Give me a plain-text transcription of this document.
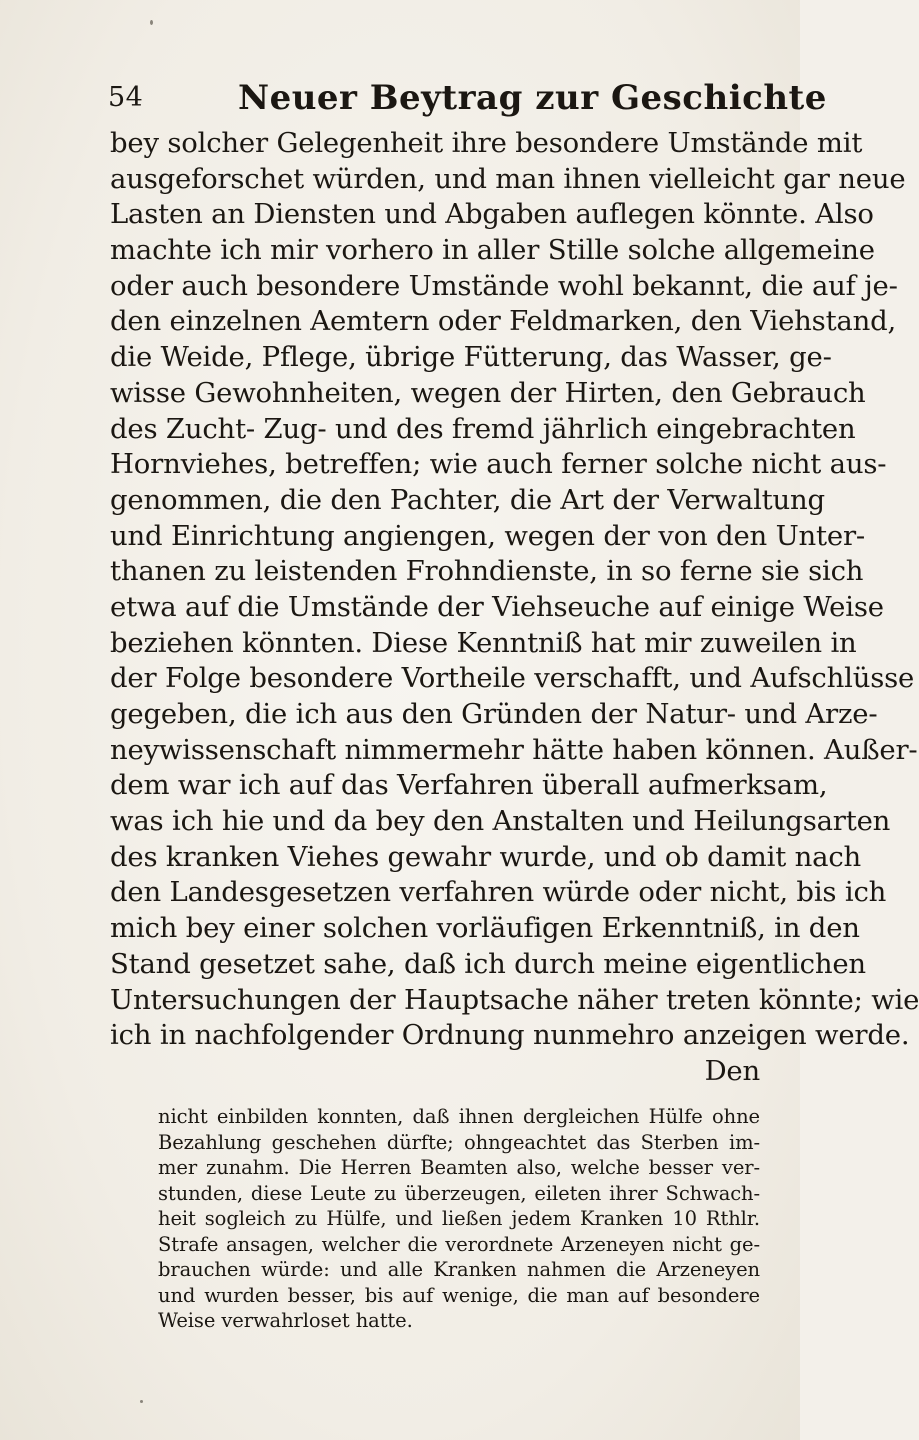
54	Neuer Beytrag zur Geschichte
bey solcher Gelegenheit ihre besondere Umstände mit
ausgeforschet würden, und man ihnen vielleicht gar neue
Lasten an Diensten und Abgaben auflegen könnte. Also
machte ich mir vorhero in aller Stille solche allgemeine
oder auch besondere Umstände wohl bekannt, die auf je-
den einzelnen Aemtern oder Feldmarken, den Viehstand,
die Weide, Pflege, übrige Fütterung, das Wasser, ge-
wisse Gewohnheiten, wegen der Hirten, den Gebrauch
des Zucht- Zug- und des fremd jährlich eingebrachten
Hornviehes, betreffen; wie auch ferner solche nicht aus-
genommen, die den Pachter, die Art der Verwaltung
und Einrichtung angiengen, wegen der von den Unter-
thanen zu leistenden Frohndienste, in so ferne sie sich
etwa auf die Umstände der Viehseuche auf einige Weise
beziehen könnten. Diese Kenntniß hat mir zuweilen in
der Folge besondere Vortheile verschafft, und Aufschlüsse
gegeben, die ich aus den Gründen der Natur- und Arze-
neywissenschaft nimmermehr hätte haben können. Außer-
dem war ich auf das Verfahren überall aufmerksam,
was ich hie und da bey den Anstalten und Heilungsarten
des kranken Viehes gewahr wurde, und ob damit nach
den Landesgesetzen verfahren würde oder nicht, bis ich
mich bey einer solchen vorläufigen Erkenntniß, in den
Stand gesetzet sahe, daß ich durch meine eigentlichen
Untersuchungen der Hauptsache näher treten könnte; wie
ich in nachfolgender Ordnung nunmehro anzeigen werde.
Den
nicht einbilden konnten, daß ihnen dergleichen Hülfe ohne
Bezahlung geschehen dürfte; ohngeachtet das Sterben im-
mer zunahm. Die Herren Beamten also, welche besser ver-
stunden, diese Leute zu überzeugen, eileten ihrer Schwach-
heit sogleich zu Hülfe, und ließen jedem Kranken 10 Rthlr.
Strafe ansagen, welcher die verordnete Arzeneyen nicht ge-
brauchen würde: und alle Kranken nahmen die Arzeneyen
und wurden besser, bis auf wenige, die man auf besondere
Weise verwahrloset hatte.
